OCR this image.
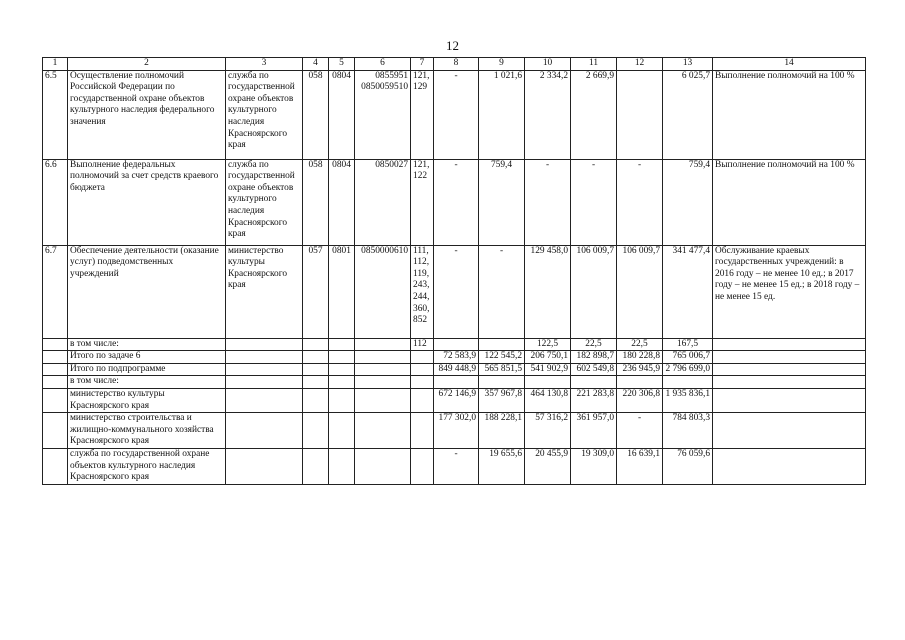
12
1	2	3	4	5	6	7	8	9	10	11	12	13	14
6.5	Осуществление полномочий Российской Федерации по государственной охране объектов культурного наследия федерального значения	служба по государственной охране объектов культурного наследия Красноярского края	058	0804	0855951 0850059510	121, 129	-	1 021,6	2 334,2	2 669,9		6 025,7	Выполнение полномочий на 100 %
6.6	Выполнение федеральных полномочий за счет средств краевого бюджета	служба по государственной охране объектов культурного наследия Красноярского края	058	0804	0850027	121, 122	-	759,4	-	-	-	759,4	Выполнение полномочий на 100 %
6.7	Обеспечение деятельности (оказание услуг) подведомственных учреждений	министерство культуры Красноярского края	057	0801	0850000610	111, 112, 119, 243, 244, 360, 852	-	-	129 458,0	106 009,7	106 009,7	341 477,4	Обслуживание краевых государственных учреждений: в 2016 году – не менее 10 ед.; в 2017 году – не менее 15 ед.; в 2018 году – не менее 15 ед.
	в том числе:					112			122,5	22,5	22,5	167,5	
	Итого по задаче 6						72 583,9	122 545,2	206 750,1	182 898,7	180 228,8	765 006,7	
	Итого по подпрограмме						849 448,9	565 851,5	541 902,9	602 549,8	236 945,9	2 796 699,0	
	в том числе:												
	министерство культуры Красноярского края						672 146,9	357 967,8	464 130,8	221 283,8	220 306,8	1 935 836,1	
	министерство строительства и жилищно-коммунального хозяйства Красноярского края						177 302,0	188 228,1	57 316,2	361 957,0	-	784 803,3	
	служба по государственной охране объектов культурного наследия Красноярского края						-	19 655,6	20 455,9	19 309,0	16 639,1	76 059,6	
